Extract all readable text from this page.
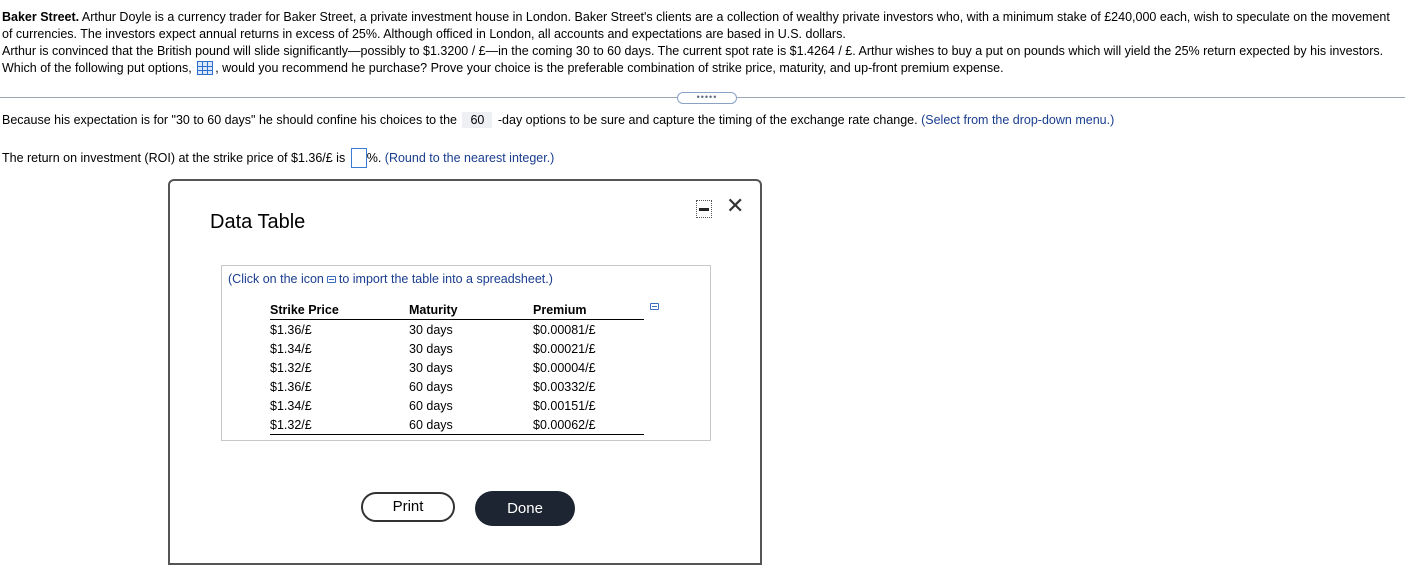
Baker Street. Arthur Doyle is a currency trader for Baker Street, a private investment house in London. Baker Street's clients are a collection of wealthy private investors who, with a minimum stake of £240,000 each, wish to speculate on the movement of currencies. The investors expect annual returns in excess of 25%. Although officed in London, all accounts and expectations are based in U.S. dollars.

Arthur is convinced that the British pound will slide significantly—possibly to $1.3200 / £—in the coming 30 to 60 days. The current spot rate is $1.4264 / £. Arthur wishes to buy a put on pounds which will yield the 25% return expected by his investors. Which of the following put options, , would you recommend he purchase? Prove your choice is the preferable combination of strike price, maturity, and up-front premium expense.

•••••
Because his expectation is for "30 to 60 days" he should confine his choices to the 60 -day options to be sure and capture the timing of the exchange rate change. (Select from the drop-down menu.)
The return on investment (ROI) at the strike price of $1.36/£ is %. (Round to the nearest integer.)
Data Table
✕
(Click on the icon to import the table into a spreadsheet.)
Strike Price	Maturity	Premium
$1.36/£	30 days	$0.00081/£
$1.34/£	30 days	$0.00021/£
$1.32/£	30 days	$0.00004/£
$1.36/£	60 days	$0.00332/£
$1.34/£	60 days	$0.00151/£
$1.32/£	60 days	$0.00062/£
Print	Done
